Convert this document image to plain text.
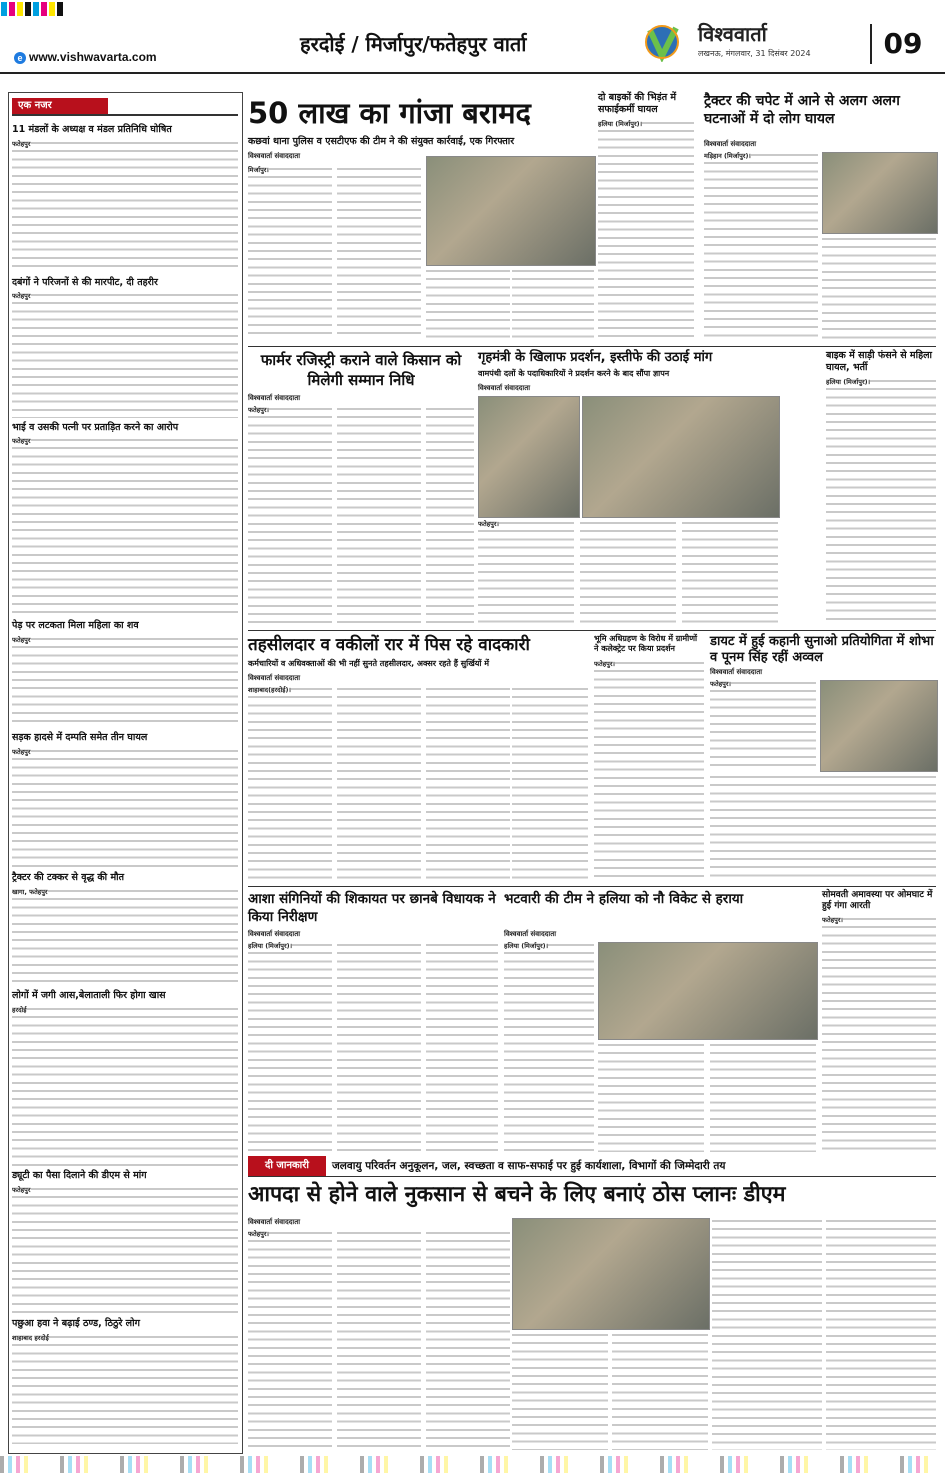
e www.vishwavarta.com
हरदोई / मिर्जापुर/फतेहपुर वार्ता	विश्ववार्ता
लखनऊ, मंगलवार, 31 दिसंबर 2024	09
एक नजर
11 मंडलों के अध्यक्ष व मंडल प्रतिनिधि घोषित
फतेहपुर
दबंगों ने परिजनों से की मारपीट, दी तहरीर
फतेहपुर
भाई व उसकी पत्नी पर प्रताड़ित करने का आरोप
फतेहपुर
पेड़ पर लटकता मिला महिला का शव
फतेहपुर
सड़क हादसे में दम्पति समेत तीन घायल
फतेहपुर
ट्रैक्टर की टक्कर से वृद्ध की मौत
खागा, फतेहपुर
लोगों में जगी आस,बेलाताली फिर होगा खास
हरदोई
ड्यूटी का पैसा दिलाने की डीएम से मांग
फतेहपुर
पछुआ हवा ने बढ़ाई ठण्ड, ठिठुरे लोग
शाहाबाद हरदोई
50 लाख का गांजा बरामद
कछवां थाना पुलिस व एसटीएफ की टीम ने की संयुक्त कार्रवाई, एक गिरफ्तार
विश्ववार्ता संवाददाता
मिर्जापुर।
दो बाइकों की भिड़ंत में सफाईकर्मी घायल
हलिया (मिर्जापुर)।
ट्रैक्टर की चपेट में आने से अलग अलग घटनाओं में दो लोग घायल
विश्ववार्ता संवाददाता
मड़िहान (मिर्जापुर)।
फार्मर रजिस्ट्री कराने वाले किसान को मिलेगी सम्मान निधि
विश्ववार्ता संवाददाता
फतेहपुर।
गृहमंत्री के खिलाफ प्रदर्शन, इस्तीफे की उठाई मांग
वामपंथी दलों के पदाधिकारियों ने प्रदर्शन करने के बाद सौंपा ज्ञापन
विश्ववार्ता संवाददाता
फतेहपुर।
बाइक में साड़ी फंसने से महिला घायल, भर्ती
हलिया (मिर्जापुर)।
तहसीलदार व वकीलों रार में पिस रहे वादकारी
कर्मचारियों व अधिवक्ताओं की भी नहीं सुनते तहसीलदार, अक्सर रहते हैं सुर्खियों में
विश्ववार्ता संवाददाता
शाहाबाद(हरदोई)।
भूमि अधिग्रहण के विरोध में ग्रामीणों ने कलेक्ट्रेट पर किया प्रदर्शन
फतेहपुर।
डायट में हुई कहानी सुनाओ प्रतियोगिता में शोभा व पूनम सिंह रहीं अव्वल
विश्ववार्ता संवाददाता
फतेहपुर।
आशा संगिनियों की शिकायत पर छानबे विधायक ने किया निरीक्षण
विश्ववार्ता संवाददाता
हलिया (मिर्जापुर)।
भटवारी की टीम ने हलिया को नौ विकेट से हराया
विश्ववार्ता संवाददाता
हलिया (मिर्जापुर)।
सोमवती अमावस्या पर ओमघाट में हुई गंगा आरती
फतेहपुर।
दी जानकारी	जलवायु परिवर्तन अनुकूलन, जल, स्वच्छता व साफ-सफाई पर हुई कार्यशाला, विभागों की जिम्मेदारी तय
आपदा से होने वाले नुकसान से बचने के लिए बनाएं ठोस प्लानः डीएम
विश्ववार्ता संवाददाता
फतेहपुर।
